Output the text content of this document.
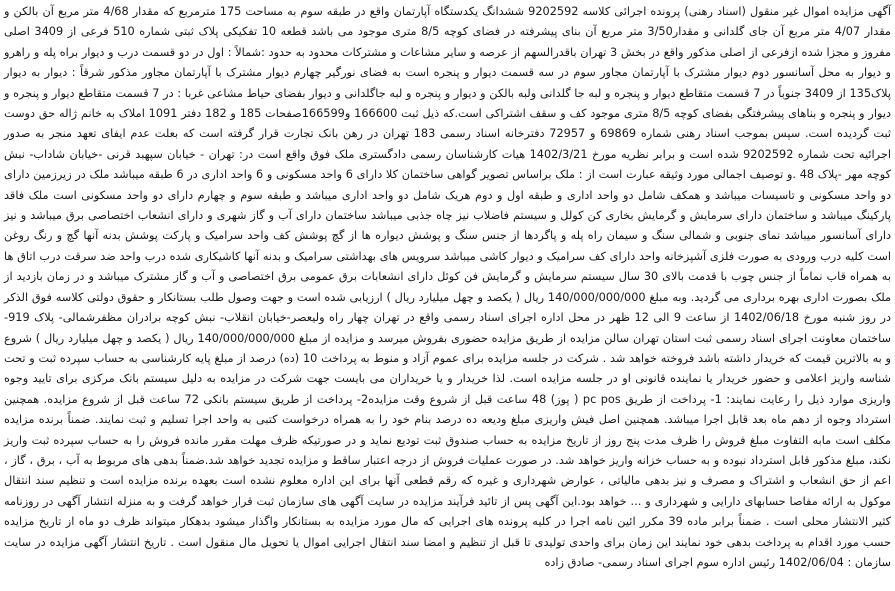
آگهی مزایده اموال غیر منقول (اسناد رهنی) پرونده اجرائی کلاسه 9202592 ششدانگ یکدستگاه آپارتمان واقع در طبقه سوم به مساحت 175 مترمربع که مقدار 4/68 متر مربع آن بالکن و مقدار 4/07 متر مربع آن جای گلدانی و مقدار3/50 متر مربع آن بنای پیشرفته در فضای کوچه 8/5 متری موجود می باشد قطعه 10 تفکیکی پلاک ثبتی شماره 510 فرعی از 3409 اصلی مفروز و مجزا شده ازفرعی از اصلی مذکور واقع در بخش 3 تهران باقدرالسهم از عرصه و سایر مشاعات و مشترکات محدود به حدود :شمالاً : اول در دو قسمت درب و دیوار براه پله و راهرو و دیوار به محل آسانسور دوم دیوار مشترک با آپارتمان مجاور سوم در سه قسمت دیوار و پنجره است به فضای نورگیر چهارم دیوار مشترک با آپارتمان مجاور مذکور شرقاً : دیوار به دیوار پلاک135 از 3409 جنوباً در 7 قسمت متقاطع دیوار و پنجره و لبه جا گلدانی ولبه بالکن و دیوار و پنجره و لبه جاگلدانی و دیوار بفضای حیاط مشاعی غربا : در 7 قسمت متقاطع دیوار و پنجره و دیوار و پنجره و بناهای پیشرفتگی بفضای کوچه 8/5 متری موجود کف و سقف اشتراکی است.که ذیل ثبت 166600 و166599صفحات 185 و 182 دفتر 1091 املاک به خانم ژاله حق دوست ثبت گردیده است. سپس بموجب اسناد رهنی شماره 69869 و 72957 دفترخانه اسناد رسمی 183 تهران در رهن بانک تجارت قرار گرفته است که بعلت عدم ایفای تعهد منجر به صدور اجرائیه تحت شماره 9202592 شده است و برابر نظریه مورخ 1402/3/21 هیات کارشناسان رسمی دادگستری ملک فوق واقع است در: تهران - خیابان سپهبد قرنی -خیابان شاداب- نبش کوچه مهر -پلاک 48 .و توصیف اجمالی مورد وثیقه عبارت است از : ملک براساس تصویر گواهی ساختمان کلا دارای 6 واحد مسکونی و 6 واحد اداری در 6 طبقه میباشد ملک در زیرزمین دارای دو واحد مسکونی و تاسیسات میباشد و همکف شامل دو واحد اداری و طبقه اول و دوم هریک شامل دو واحد اداری میباشد و طبقه سوم و چهارم دارای دو واحد مسکونی است ملک فاقد پارکینگ میباشد و ساختمان دارای سرمایش و گرمایش بخاری کن کولل و سیستم فاضلاب نیز چاه جذبی میباشد ساختمان دارای آب و گاز شهری و دارای انشعاب اختصاصی برق میباشد و نیز دارای آسانسور میباشد نمای جنوبی و شمالی سنگ و سیمان راه پله و پاگردها از جنس سنگ و پوشش دیواره ها از گچ پوشش کف واحد سرامیک و پارکت پوشش بدنه آنها گچ و رنگ روغن است کلیه درب ورودی به صورت فلزی آشپزخانه واحد دارای کف سرامیک و دیوار کاشی میباشد سرویس های بهداشتی سرامیک و بدنه آنها کاشیکاری شده درب واحد ضد سرقت درب اتاق ها به همراه قاب نماماً از جنس چوب با قدمت بالای 30 سال سیستم سرمایش و گرمایش فن کوئل دارای انشعابات برق عمومی برق اختصاصی و آب و گاز مشترک میباشد و در زمان بازدید از ملک بصورت اداری بهره برداری می گردید. وبه مبلغ 140/000/000/000 ریال ( یکصد و چهل میلیارد ریال ) ارزیابی شده است و جهت وصول طلب بستانکار و حقوق دولتی کلاسه فوق الذکر در روز شنبه مورخ 1402/06/18 از ساعت 9 الی 12 ظهر در محل اداره اجرای اسناد رسمی واقع در تهران چهار راه ولیعصر-خیابان انقلاب- نبش کوچه برادران مظفرشمالی- پلاک 919-ساختمان معاونت اجرای اسناد رسمی ثبت استان تهران سالن مزایده از طریق مزایده حضوری بفروش میرسد و مزایده از مبلغ 140/000/000/000 ریال ( یکصد و چهل میلیارد ریال ) شروع و به بالاترین قیمت که خریدار داشته باشد فروخته خواهد شد . شرکت در جلسه مزایده برای عموم آزاد و منوط به پرداخت 10 (ده) درصد از مبلغ پایه کارشناسی به حساب سپرده ثبت و تحت شناسه واریز اعلامی و حضور خریدار یا نماینده قانونی او در جلسه مزایده است. لذا خریدار و یا خریداران می بایست جهت شرکت در مزایده به دلیل سیستم بانک مرکزی برای تایید وجوه واریزی موارد ذیل را رعایت نمایند: 1- پرداخت از طریق pc pos ( پوز) 48 ساعت قبل از شروع وقت مزایده2- پرداخت از طریق سیستم بانکی 72 ساعت قبل از شروع مزایده. همچنین استرداد وجوه از دهم ماه بعد قابل اجرا میباشد. همچنین اصل فیش واریزی مبلغ ودیعه ده درصد بنام خود را به همراه درخواست کتبی به واحد اجرا تسلیم و ثبت نمایند. ضمناً برنده مزایده مکلف است مابه التفاوت مبلغ فروش را ظرف مدت پنج روز از تاریخ مزایده به حساب صندوق ثبت تودیع نماید و در صورتیکه ظرف مهلت مقرر مانده فروش را به حساب سپرده ثبت واریز نکند، مبلغ مذکور قابل استرداد نبوده و به حساب خزانه واریز خواهد شد. در صورت عملیات فروش از درجه اعتبار ساقط و مزایده تجدید خواهد شد.ضمناً بدهی های مربوط به آب ، برق ، گاز ، اعم از حق انشعاب و اشتراک و مصرف و نیز بدهی مالیاتی ، عوارض شهرداری و غیره که رقم قطعی آنها برای این اداره معلوم نشده است بعهده برنده مزایده است و تنظیم سند انتقال موکول به ارائه مفاصا حسابهای دارایی و شهرداری و ... خواهد بود.این آگهی پس از تائید فرآیند مزایده در سایت آگهی های سازمان ثبت قرار خواهد گرفت و به منزله انتشار آگهی در روزنامه کثیر الانتشار محلی است . ضمناً برابر ماده 39 مکرر ائین نامه اجرا در کلیه پرونده های اجرایی که مال مورد مزایده به بستانکار واگذار میشود بدهکار میتواند ظرف دو ماه از تاریخ مزایده حسب مورد اقدام به پرداخت بدهی خود نمایند این زمان برای واحدی تولیدی تا قبل از تنظیم و امضا سند انتقال اجرایی اموال یا تحویل مال منقول است . تاریخ انتشار آگهی مزایده در سایت سازمان : 1402/06/04 رئیس اداره سوم اجرای اسناد رسمی- صادق زاده
